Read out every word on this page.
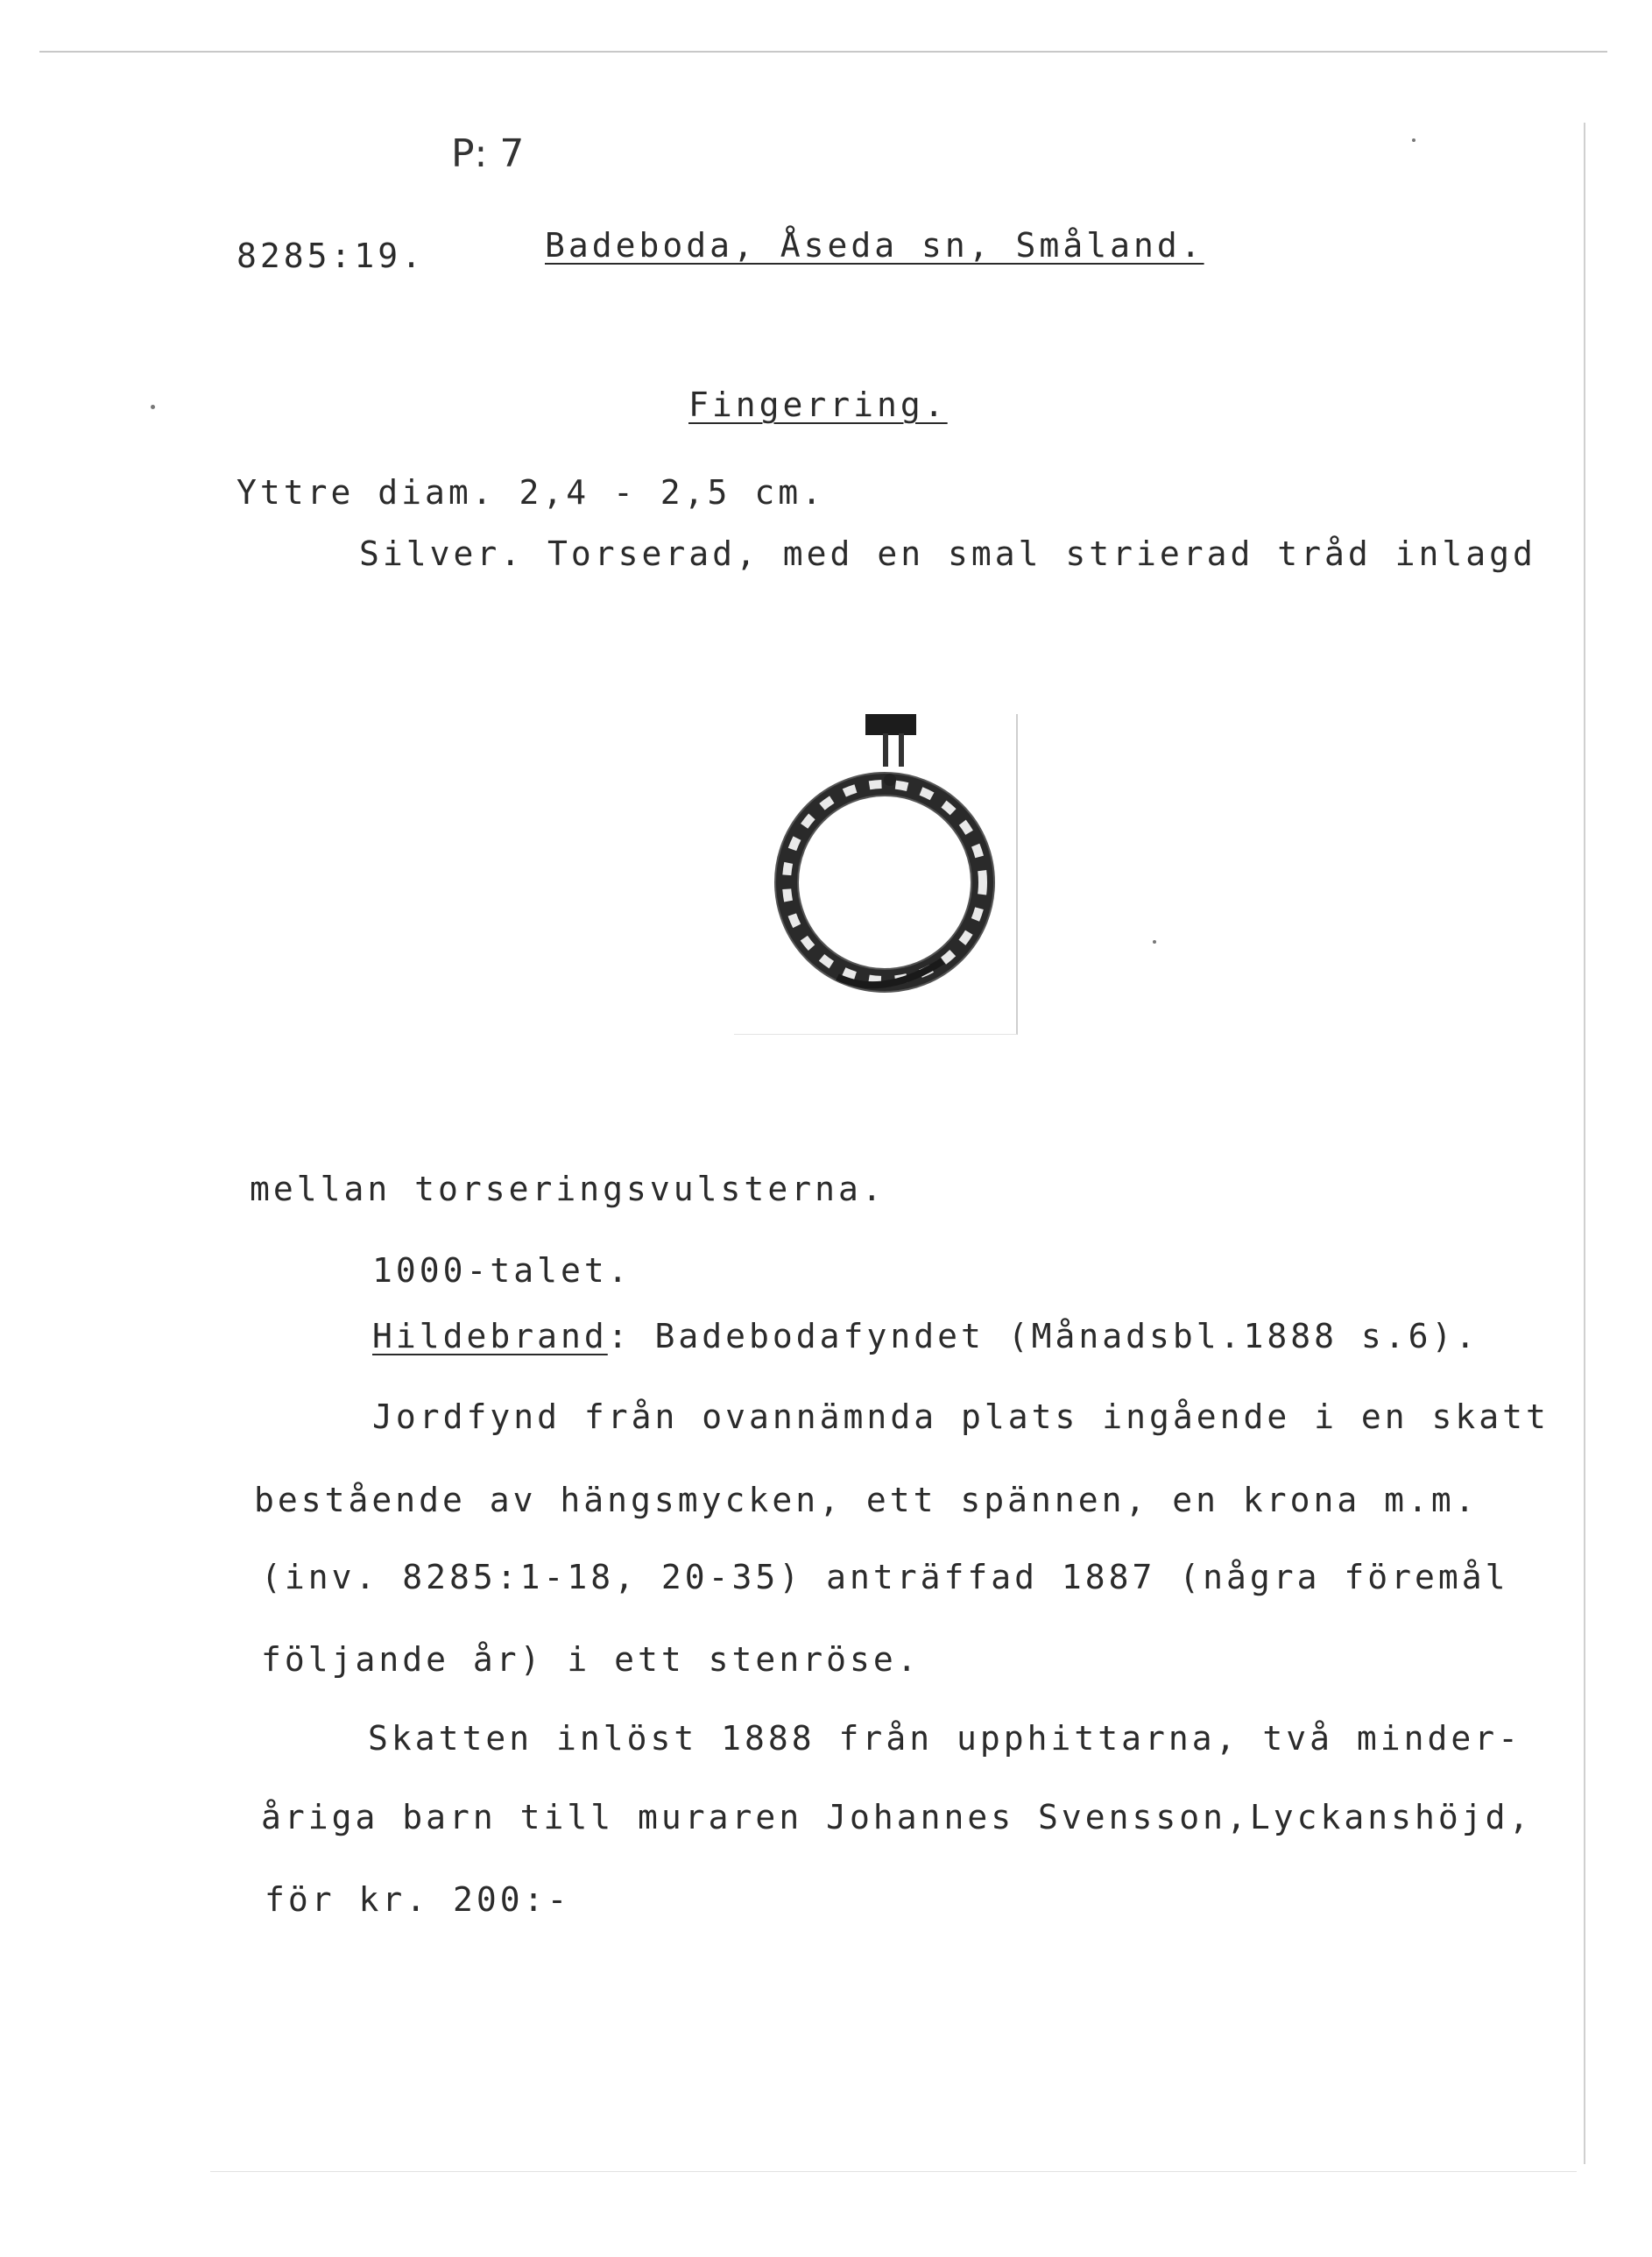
P: 7
8285:19.	Badeboda, Åseda sn, Småland.
Fingerring.
Yttre diam. 2,4 - 2,5 cm.
Silver. Torserad, med en smal strierad tråd inlagd
mellan torseringsvulsterna.
1000-talet.
Hildebrand: Badebodafyndet (Månadsbl.1888 s.6).
Jordfynd från ovannämnda plats ingående i en skatt
bestående av hängsmycken, ett spännen, en krona m.m.
(inv. 8285:1-18, 20-35) anträffad 1887 (några föremål
följande år) i ett stenröse.
Skatten inlöst 1888 från upphittarna, två minder-
åriga barn till muraren Johannes Svensson,Lyckanshöjd,
för kr. 200:-
